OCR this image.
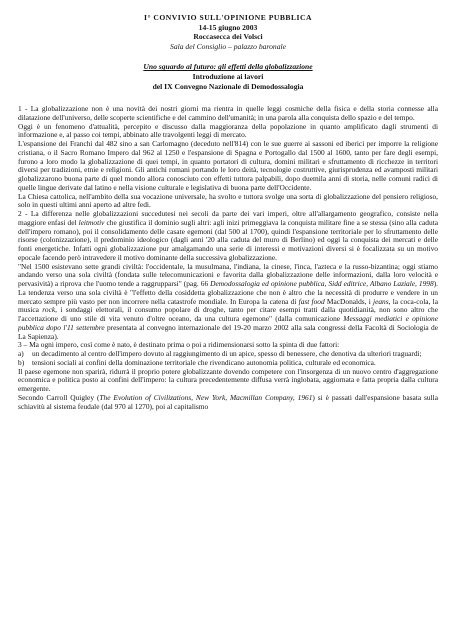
I° CONVIVIO SULL'OPINIONE PUBBLICA
14-15 giugno 2003
Roccasecca dei Volsci
Sala del Consiglio – palazzo baronale
Uno sguardo al futuro: gli effetti della globalizzazione
Introduzione ai lavori
del IX Convegno Nazionale di Demodossalogia

1 - La globalizzazione non è una novità dei nostri giorni ma rientra in quelle leggi cosmiche della fisica e della storia connesse alla dilatazione dell'universo, delle scoperte scientifiche e del cammino dell'umanità; in una parola alla conquista dello spazio e del tempo.

Oggi è un fenomeno d'attualità, percepito e discusso dalla maggioranza della popolazione in quanto amplificato dagli strumenti di informazione e, al passo coi tempi, abbinato alle travolgenti leggi di mercato.

L'espansione dei Franchi dal 482 sino a san Carlomagno (deceduto nell'814) con le sue guerre ai sassoni ed iberici per imporre la religione cristiana, o il Sacro Romano Impero dal 962 al 1250 e l'espansione di Spagna e Portogallo dal 1500 al 1600, tanto per fare degli esempi, furono a loro modo la globalizzazione di quei tempi, in quanto portatori di cultura, domini militari e sfruttamento di ricchezze in territori diversi per tradizioni, etnie e religioni. Gli antichi romani portando le loro deità, tecnologie costruttive, giurisprudenza ed avamposti militari globalizzarono buona parte di quel mondo allora conosciuto con effetti tuttora palpabili, dopo duemila anni di storia, nelle comuni radici di quelle lingue derivate dal latino e nella visione culturale e legislativa di buona parte dell'Occidente.

La Chiesa cattolica, nell'ambito della sua vocazione universale, ha svolto e tuttora svolge una sorta di globalizzazione del pensiero religioso, solo in questi ultimi anni aperto ad altre fedi.

2 - La differenza nelle globalizzazioni succedutesi nei secoli da parte dei vari imperi, oltre all'allargamento geografico, consiste nella maggiore enfasi del leitmotiv che giustifica il dominio sugli altri: agli inizi primeggiava la conquista militare fine a se stessa (sino alla caduta dell'impero romano), poi il consolidamento delle casate egemoni (dal 500 al 1700), quindi l'espansione territoriale per lo sfruttamento delle risorse (colonizzazione), il predominio ideologico (dagli anni '20 alla caduta del muro di Berlino) ed oggi la conquista dei mercati e delle fonti energetiche. Infatti ogni globalizzazione pur amalgamando una serie di interessi e motivazioni diversi si è focalizzata su un motivo epocale facendo però intravedere il motivo dominante della successiva globalizzazione.

"Nel 1500 esistevano sette grandi civiltà: l'occidentale, la musulmana, l'indiana, la cinese, l'inca, l'azteca e la russo-bizantina; oggi stiamo andando verso una sola civiltà (fondata sulle telecomunicazioni e favorita dalla globalizzazione delle informazioni, dalla loro velocità e pervasività) a riprova che l'uomo tende a raggrupparsi" (pag. 66 Demodossalogia ed opinione pubblica, Sidd editrice, Albano Laziale, 1998). La tendenza verso una sola civiltà è "l'effetto della cosiddetta globalizzazione che non è altro che la necessità di produrre e vendere in un mercato sempre più vasto per non incorrere nella catastrofe mondiale. In Europa la catena di fast food MacDonalds, i jeans, la coca-cola, la musica rock, i sondaggi elettorali, il consumo popolare di droghe, tanto per citare esempi tratti dalla quotidianità, non sono altro che l'accettazione di uno stile di vita venuto d'oltre oceano, da una cultura egemone" (dalla comunicazione Messaggi mediatici e opinione pubblica dopo l'11 settembre presentata al convegno internazionale del 19-20 marzo 2002 alla sala congressi della Facoltà di Sociologia de La Sapienza).

3 – Ma ogni impero, così come è nato, è destinato prima o poi a ridimensionarsi sotto la spinta di due fattori:

a) un decadimento al centro dell'impero dovuto al raggiungimento di un apice, spesso di benessere, che denotiva da ulteriori traguardi;
b) tensioni sociali ai confini della dominazione territoriale che rivendicano autonomia politica, culturale ed economica.

Il paese egemone non sparirà, ridurrà il proprio potere globalizzante dovendo competere con l'insorgenza di un nuovo centro d'aggregazione economica e politica posto ai confini dell'impero: la cultura precedentemente diffusa verrà inglobata, aggiornata e fatta propria dalla cultura emergente.

Secondo Carroll Quigley (The Evolution of Civilizations, New York, Macmillan Company, 1961) si è passati dall'espansione basata sulla schiavitù al sistema feudale (dal 970 al 1270), poi al capitalismo
